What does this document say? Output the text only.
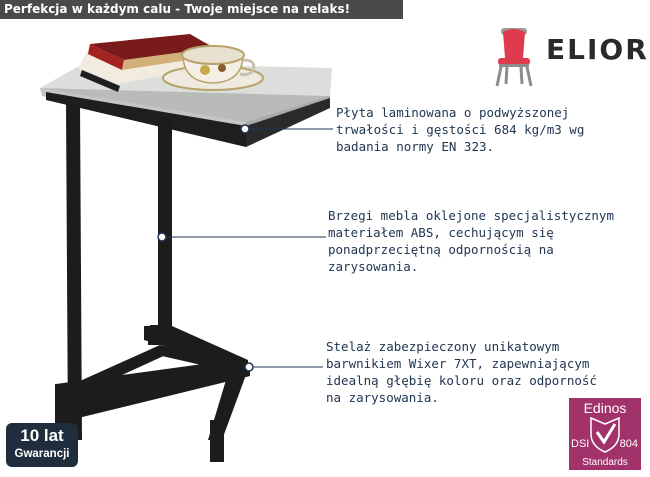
Perfekcja w każdym calu - Twoje miejsce na relaks!
ELIOR
Płyta laminowana o podwyższonej
trwałości i gęstości 684 kg/m3 wg
badania normy EN 323.
Brzegi mebla oklejone specjalistycznym
materiałem ABS, cechującym się
ponadprzeciętną odpornością na
zarysowania.
Stelaż zabezpieczony unikatowym
barwnikiem Wixer 7XT, zapewniającym
idealną głębię koloru oraz odporność
na zarysowania.
10 lat
Gwarancji
Edinos
DSI	804
Standards
